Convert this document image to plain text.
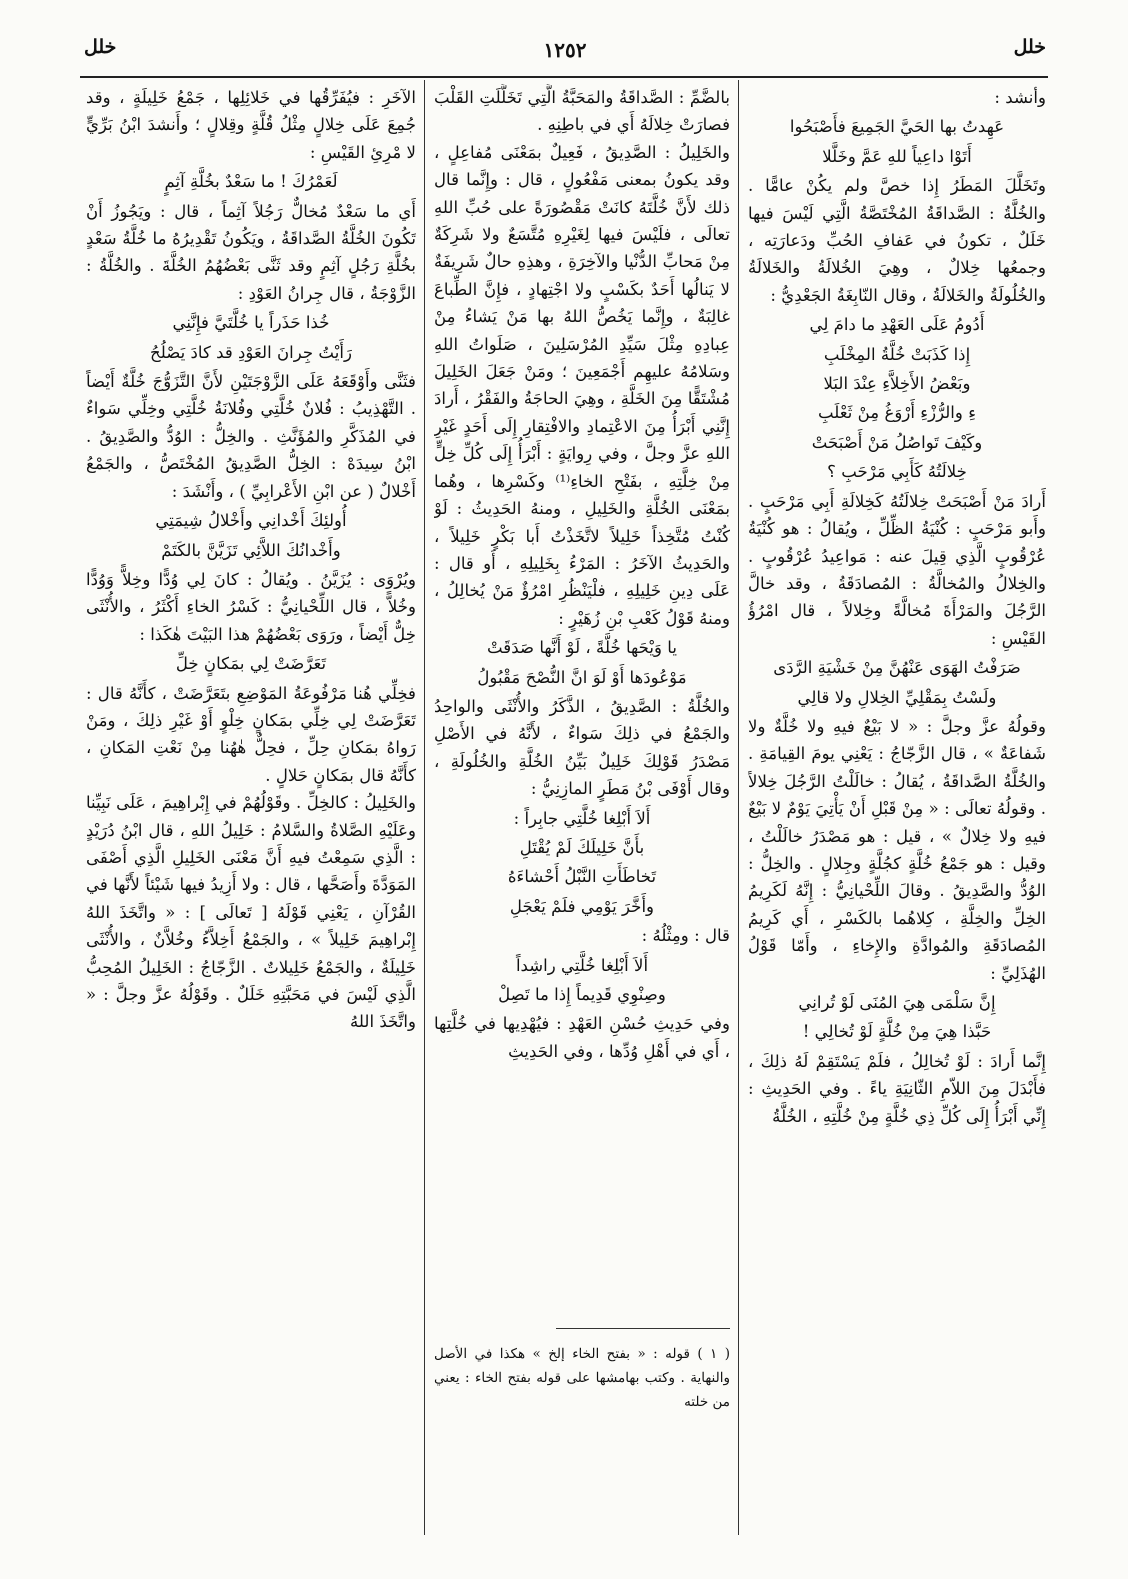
خلل
١٢٥٢
خلل

وأنشد :

عَهِدتُ بها الحَيَّ الجَمِيعَ فأَصْبَحُوا

أَتَوْا داعِياً للهِ عَمَّ وخَلَّلا

وتَخَلَّلَ المَطَرُ إِذا خصَّ ولم يكُنْ عامًّا . والخُلَّةُ : الصَّداقَةُ المُخْتَصَّةُ الَّتِي لَيْسَ فيها خَلَلٌ ، تكونُ في عَفافِ الحُبِّ ودَعارَتِه ، وجمعُها خِلالٌ ، وهِيَ الخُلالَةُ والخَلالَةُ والخُلُولَةُ والخَلالَةُ ، وقال النّابِغَةُ الجَعْدِيُّ :

أَدُومُ عَلَى العَهْدِ ما دامَ لِي

إِذا كَذَبَتْ خُلَّةُ المِخْلَبِ

وبَعْضُ الأَخِلاَّءِ عِنْدَ البَلا

ءِ والرُّزْءِ أَرْوَغُ مِنْ ثَعْلَبِ

وكَيْفَ تَواصُلُ مَنْ أَصْبَحَتْ

خِلالَتُهُ كَأَبِي مَرْحَبِ ؟

أَرادَ مَنْ أَصْبَحَتْ خِلالَتُهُ كَخِلالَةِ أَبِي مَرْحَبٍ . وأَبو مَرْحَبٍ : كُنْيَةُ الظِّلِّ ، ويُقالُ : هو كُنْيَةُ عُرْقُوبٍ الَّذِي قِيلَ عنه : مَواعِيدُ عُرْقُوبٍ . والخِلالُ والمُخالَّةُ : المُصادَقَةُ ، وقد خالَّ الرَّجُلَ والمَرْأَةَ مُخالَّةً وخِلالاً ، قال امْرُؤُ القَيْسِ :

صَرَفْتُ الهَوَى عَنْهُنَّ مِنْ خَشْيَةِ الرَّدَى

ولَسْتُ بِمَقْلِيِّ الخِلالِ ولا قالِي

وقولُهُ عزَّ وجلَّ : « لا بَيْعٌ فيهِ ولا خُلَّةٌ ولا شَفاعَةٌ » ، قال الزَّجّاجُ : يَعْنِي يومَ القِيامَةِ . والخُلَّةُ الصَّداقَةُ ، يُقالُ : خالَلْتُ الرَّجُلَ خِلالاً . وقولُهُ تعالَى : « مِنْ قَبْلِ أَنْ يَأْتِيَ يَوْمٌ لا بَيْعٌ فيهِ ولا خِلالٌ » ، قيل : هو مَصْدَرُ خالَلْتُ ، وقيل : هو جَمْعُ خُلَّةٍ كجُلَّةٍ وجِلالٍ . والخِلُّ : الوُدُّ والصَّدِيقُ . وقالَ اللِّحْيانِيُّ : إِنَّهُ لَكَرِيمُ الخِلِّ والخِلَّةِ ، كِلاهُما بالكَسْرِ ، أَي كَرِيمُ المُصادَقَةِ والمُوادَّةِ والإِخاءِ ، وأَمّا قَوْلُ الهُذَلِيِّ :

إِنَّ سَلْمَى هِيَ المُنَى لَوْ تُرانِي

حَبَّذا هِيَ مِنْ خُلَّةٍ لَوْ تُخالِي !

إِنَّما أَرادَ : لَوْ تُخالِلُ ، فلَمْ يَسْتَقِمْ لَهُ ذلِكَ ، فأَبْدَلَ مِنَ اللاّمِ الثّانِيَةِ ياءً . وفي الحَدِيثِ : إِنِّي أَبْرَأُ إِلَى كُلِّ ذِي خُلَّةٍ مِنْ خُلَّتِهِ ، الخُلَّةُ

بالضَّمِّ : الصَّداقَةُ والمَحَبَّةُ الَّتِي تَخَلَّلَتِ القَلْبَ فصارَتْ خِلالَهُ أَي في باطِنِهِ .

والخَلِيلُ : الصَّدِيقُ ، فَعِيلٌ بمَعْنَى مُفاعِلٍ ، وقد يكونُ بمعنى مَفْعُولٍ ، قال : وإِنَّما قال ذلك لأَنَّ خُلَّتَهُ كانَتْ مَقْصُورَةً على حُبِّ اللهِ تعالَى ، فلَيْسَ فيها لِغَيْرِهِ مُتَّسَعٌ ولا شَرِكَةٌ مِنْ مَحابِّ الدُّنْيا والآخِرَةِ ، وهذِهِ حالٌ شَرِيفَةٌ لا يَنالُها أَحَدٌ بكَسْبٍ ولا اجْتِهادٍ ، فإِنَّ الطِّباعَ غالِبَةٌ ، وإِنَّما يَخُصُّ اللهُ بها مَنْ يَشاءُ مِنْ عِبادِهِ مِثْلَ سَيِّدِ المُرْسَلِينَ ، صَلَواتُ اللهِ وسَلامُهُ عليهِم أَجْمَعِينَ ؛ ومَنْ جَعَلَ الخَلِيلَ مُشْتَقًّا مِنَ الخَلَّةِ ، وهِيَ الحاجَةُ والفَقْرُ ، أَرادَ إِنَّنِي أَبْرَأُ مِنَ الاعْتِمادِ والافْتِقارِ إِلَى أَحَدٍ غَيْرِ اللهِ عزَّ وجلَّ ، وفي رِوايَةٍ : أَبْرَأُ إِلَى كُلِّ خِلٍّ مِنْ خِلَّتِهِ ، بفَتْحِ الخاءِ⁽¹⁾ وكَسْرِها ، وهُما بمَعْنَى الخُلَّةِ والخَلِيلِ ، ومنهُ الحَدِيثُ : لَوْ كُنْتُ مُتَّخِذاً خَلِيلاً لاتَّخَذْتُ أَبا بَكْرٍ خَلِيلاً ، والحَدِيثُ الآخَرُ : المَرْءُ بِخَلِيلِهِ ، أَو قال : عَلَى دِينِ خَلِيلِهِ ، فلْيَنْظُرِ امْرُؤٌ مَنْ يُخالِلُ ، ومنهُ قَوْلُ كَعْبِ بْنِ زُهَيْرٍ :

يا وَيْحَها خُلَّةً ، لَوْ أَنَّها صَدَقَتْ

مَوْعُودَها أَوْ لَوَ انَّ النُّصْحَ مَقْبُولُ

والخُلَّةُ : الصَّدِيقُ ، الذَّكَرُ والأُنْثَى والواحِدُ والجَمْعُ في ذلِكَ سَواءٌ ، لأَنَّهُ في الأَصْلِ مَصْدَرُ قَوْلِكَ خَلِيلٌ بَيِّنُ الخُلَّةِ والخُلُولَةِ ، وقال أَوْفَى بْنُ مَطَرٍ المازِنِيُّ :

أَلاَ أَبْلِغا خُلَّتِي جابِراً :

بأَنَّ خَلِيلَكَ لَمْ يُقْتَلِ

تَخاطَأَتِ النَّبْلُ أَحْشاءَهُ

وأَخَّرَ يَوْمِي فلَمْ يَعْجَلِ

قال : ومِثْلُهُ :

أَلاَ أَبْلِغا خُلَّتِي راشِداً

وصِنْوِي قَدِيماً إِذا ما تَصِلْ

وفي حَدِيثِ حُسْنِ العَهْدِ : فيُهْدِيها في خُلَّتِها ، أَي في أَهْلِ وُدِّها ، وفي الحَدِيثِ

( ١ ) قوله : « بفتح الخاء إلخ » هكذا في الأصل والنهاية . وكتب بهامشها على قوله بفتح الخاء : يعني من خلته

الآخَرِ : فيُفَرِّقُها في خَلائِلِها ، جَمْعُ خَلِيلَةٍ ، وقد جُمِعَ عَلَى خِلالٍ مِثْلُ قُلَّةٍ وقِلالٍ ؛ وأَنشدَ ابْنُ بَرِّيٍّ لا مْرِئِ القَيْسِ :

لَعَمْرُكَ ! ما سَعْدٌ بخُلَّةِ آثِمٍ

أَي ما سَعْدٌ مُخالٌّ رَجُلاً آثِماً ، قال : ويَجُوزُ أَنْ تَكُونَ الخُلَّةُ الصَّداقَةُ ، ويَكُونُ تَقْدِيرُهُ ما خُلَّةُ سَعْدٍ بخُلَّةِ رَجُلٍ آثِمٍ وقد ثَنَّى بَعْضُهُمُ الخُلَّةَ . والخُلَّةُ : الزَّوْجَةُ ، قال جِرانُ العَوْدِ :

خُذا حَذَراً يا خُلَّتَيَّ فإِنَّنِي

رَأَيْتُ جِرانَ العَوْدِ قد كادَ يَصْلُحُ

فثَنَّى وأَوْقَعَهُ عَلَى الزَّوْجَتَيْنِ لأَنَّ التَّزَوُّجَ خُلَّةٌ أَيْضاً . التَّهْذِيبُ : فُلانٌ خُلَّتِي وفُلانَةُ خُلَّتِي وخِلِّي سَواءٌ في المُذَكَّرِ والمُؤَنَّثِ . والخِلُّ : الوُدُّ والصَّدِيقُ . ابْنُ سِيدَهْ : الخِلُّ الصَّدِيقُ المُخْتَصُّ ، والجَمْعُ أَخْلالٌ ( عن ابْنِ الأَعْرابِيِّ ) ، وأَنْشَدَ :

أُولئِكَ أَخْدانِي وأَخْلالُ شِيمَتِي

وأَخْدانُكَ اللاَّئِي تَزَيَّنَّ بالكَتَمْ

ويُرْوَى : يُزَيَّنُ . ويُقالُ : كانَ لِي وُدًّا وخِلاًّ وَوُدًّا وخُلاًّ ، قال اللِّحْيانِيُّ : كَسْرُ الخاءِ أَكْثَرُ ، والأُنْثَى خِلٌّ أَيْضاً ، ورَوَى بَعْضُهُمْ هذا البَيْتَ هٰكَذا :

تَعَرَّضَتْ لِي بمَكانٍ خِلِّ

فخِلِّي هُنا مَرْفُوعَةُ المَوْضِعِ بتَعَرَّضَتْ ، كأَنَّهُ قال : تَعَرَّضَتْ لِي خِلِّي بمَكانٍ خِلْوٍ أَوْ غَيْرِ ذلِكَ ، ومَنْ رَواهُ بمَكانِ حِلِّ ، فحِلٌّ هٰهُنا مِنْ نَعْتِ المَكانِ ، كأَنَّهُ قال بمَكانٍ حَلالٍ .

والخَلِيلُ : كالخِلِّ . وقَوْلُهُمْ في إِبْراهِيمَ ، عَلَى نَبِيِّنا وعَلَيْهِ الصَّلاةُ والسَّلامُ : خَلِيلُ اللهِ ، قال ابْنُ دُرَيْدٍ : الَّذِي سَمِعْتُ فيهِ أَنَّ مَعْنَى الخَلِيلِ الَّذِي أَصْفَى المَوَدَّةَ وأَصَحَّها ، قال : ولا أَزِيدُ فيها شَيْئاً لأَنَّها في القُرْآنِ ، يَعْنِي قَوْلَهُ [ تَعالَى ] : « واتَّخَذَ اللهُ إِبْراهِيمَ خَلِيلاً » ، والجَمْعُ أَخِلاَّءُ وخُلاَّنٌ ، والأُنْثَى خَلِيلَةٌ ، والجَمْعُ خَلِيلاتٌ . الزَّجّاجُ : الخَلِيلُ المُحِبُّ الَّذِي لَيْسَ في مَحَبَّتِهِ خَلَلٌ . وقَوْلُهُ عزَّ وجلَّ : « واتَّخَذَ اللهُ
